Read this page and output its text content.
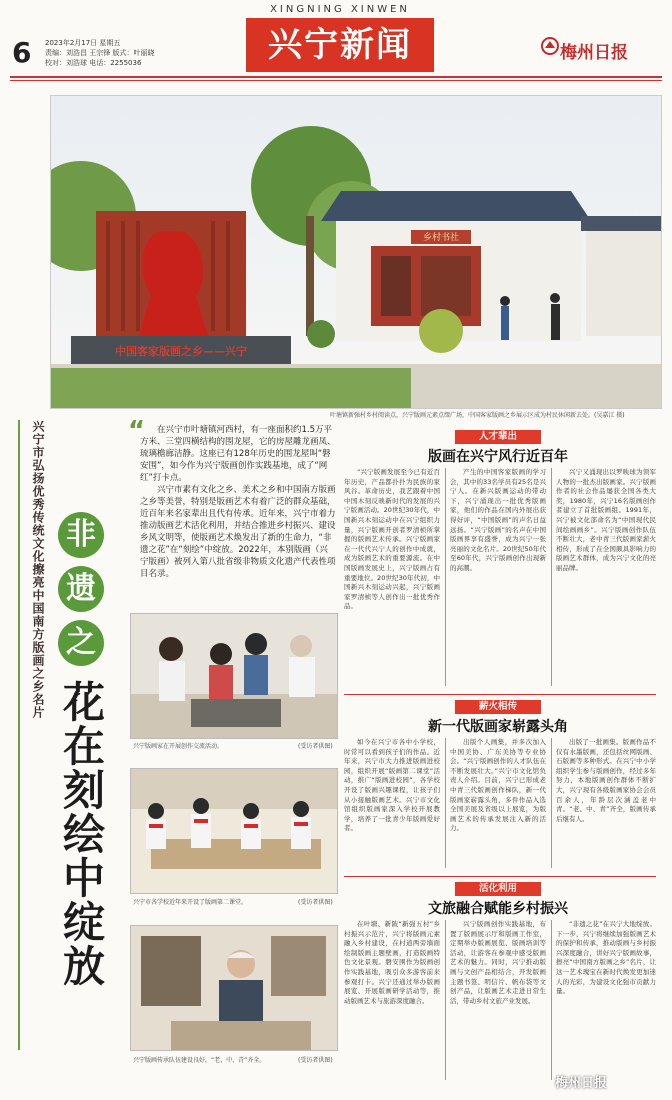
XINGNING XINWEN
6 2023年2月17日 星期五
责编：刘浩昌 王宗锋 版式：叶丽晓
校对：刘浩球 电话：2255036	兴宁新闻	梅州日报
乡村书社
中国客家版画之乡——兴宁
叶塘镇新强村乡村阅读点，兴宁版画元素点缀广场，中国客家版画之乡展示区成为村民休闲新去处。(吴嘉江 摄)
兴宁市弘扬优秀传统文化擦亮中国南方版画之乡名片 非
遗
之
花在刻绘中绽放
“	在兴宁市叶塘镇河西村，有一座面积约1.5万平方米、三堂四横结构的围龙屋，它的房屋雕龙画凤、琉璃檐廊洁静。这座已有128年历史的围龙屋叫“磐安围”，如今作为兴宁版画创作实践基地，成了“网红”打卡点。
兴宁市素有文化之乡、美术之乡和中国南方版画之乡等美誉，特别是版画艺术有着广泛的群众基础，近百年来名家辈出且代有传承。近年来，兴宁市着力推动版画艺术活化利用，并结合推进乡村振兴、建设乡风文明等，使版画艺术焕发出了新的生命力，“非遗之花”在“刻绘”中绽放。2022年，本别版画（兴宁版画）被列入第八批省级非物质文化遗产代表性项目名录。
兴宁版画家在开展创作交流活动。	(受访者供图)
兴宁市各学校近年来开设了版画第二课堂。	(受访者供图)
兴宁版画传承队伍建设良好，“老、中、青”齐全。	(受访者供图)
人才辈出
版画在兴宁风行近百年
“兴宁版画发展至今已有近百年历史，产品都扑扑为民族的家风谷。革命历史，我艺跟着中国中国木刻反映新时代的发展的兴宁版画活动。20世纪30年代，中国新兴木刻运动中在兴宁组织力量，兴宁版画开创者罗清桢所掌握的版画艺术传承。兴宁版画家在一代代兴宁人的创作中成就，成为版画艺术的重要源流。在中国版画发展史上，兴宁版画占有重要地位。20世纪30年代初，中国新兴木刻运动兴起，兴宁版画家罗清桢等人创作出一批优秀作品。
产生的中国客家版画的学习会，其中的33名学员有25名是兴宁人。在新兴版画运动的带动下，兴宁涌现出一批优秀版画家，他们的作品在国内外展出获得好评，“中国版画”的声名日益远扬。“兴宁版画”的名声在中国版画界享有盛誉，成为兴宁一张亮丽的文化名片。20世纪50年代至60年代，兴宁版画创作出现新的高潮。
兴宁又涌现出以罗映球为领军人物的一批杰出版画家。兴宁版画作者的社会作品屡获全国各类大奖，1980年，兴宁16名版画创作者建立了首批版画组。1991年，兴宁被文化部命名为“中国现代民间绘画画乡”。兴宁版画创作队伍不断壮大，老中青三代版画家薪火相传，形成了在全国颇具影响力的版画艺术群体，成为兴宁文化的亮丽品牌。
薪火相传
新一代版画家崭露头角
如今在兴宁市各中小学校，时常可以看到孩子们的作品。近年来，兴宁市大力推进版画进校园，组织开展“版画第二课堂”活动，推广“版画进校园”，各学校开设了版画兴趣课程，让孩子们从小接触版画艺术。兴宁市文化馆组织版画家深入学校开展教学，培养了一批青少年版画爱好者。
出版个人画集，并多次加入中国美协、广东美协等专业协会。“兴宁版画创作的人才队伍在不断发展壮大。”兴宁市文化馆负责人介绍。目前，兴宁已形成老中青三代版画创作梯队，新一代版画家崭露头角，多件作品入选全国美展及省级以上展览，为版画艺术的传承发展注入新的活力。
出版了一批画集。版画作品不仅有水墨版画，还包括丝网版画、石版画等多种形式。在兴宁中小学组织学生参与版画创作，经过多年努力，本地版画创作群体不断扩大，兴宁现有各级版画家协会会员百余人，年龄层次涵盖老中青。“老、中、青”齐全，版画传承后继有人。
活化利用
文旅融合赋能乡村振兴
在叶塘、新陂“新强五村”乡村振兴示范片，兴宁将版画元素融入乡村建设，在村道两旁墙面绘制版画主题壁画，打造版画特色文化景观。磐安围作为版画创作实践基地，吸引众多游客前来参观打卡。兴宁还通过举办版画展览、开展版画研学活动等，推动版画艺术与旅游深度融合。
兴宁版画创作实践基地，布置了版画展示厅和版画工作室，定期举办版画展览、版画培训等活动，让游客在参观中感受版画艺术的魅力。同时，兴宁推动版画与文创产品相结合，开发版画主题书签、明信片、帆布袋等文创产品，让版画艺术走进日常生活，带动乡村文旅产业发展。
“非遗之花”在兴宁大地绽放。下一步，兴宁将继续加强版画艺术的保护和传承，推动版画与乡村振兴深度融合，讲好兴宁版画故事，擦亮“中国南方版画之乡”名片，让这一艺术瑰宝在新时代焕发更加迷人的光彩，为建设文化强市贡献力量。
梅州日报
